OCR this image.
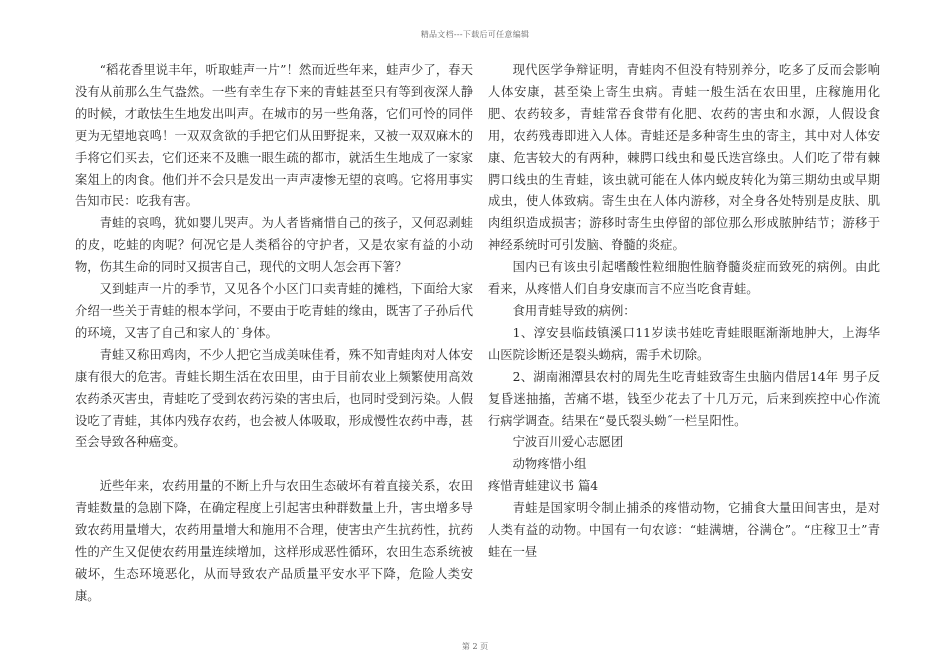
精品文档---下载后可任意编辑

“稻花香里说丰年，听取蛙声一片”！然而近些年来，蛙声少了，春天没有从前那么生气盎然。一些有幸生存下来的青蛙甚至只有等到夜深人静的时候，才敢怯生生地发出叫声。在城市的另一些角落，它们可怜的同伴更为无望地哀鸣！一双双贪欲的手把它们从田野捉来，又被一双双麻木的手将它们买去，它们还来不及瞧一眼生疏的都市，就活生生地成了一家家案俎上的肉食。他们并不会只是发出一声声凄惨无望的哀鸣。它将用事实告知市民：吃我有害。

青蛙的哀鸣，犹如婴儿哭声。为人者皆痛惜自己的孩子，又何忍剥蛙的皮，吃蛙的肉呢？何况它是人类稻谷的守护者，又是农家有益的小动物，伤其生命的同时又损害自己，现代的文明人怎会再下箸？

又到蛙声一片的季节，又见各个小区门口卖青蛙的摊档，下面给大家介绍一些关于青蛙的根本学问，不要由于吃青蛙的缘由，既害了子孙后代的环境，又害了自己和家人的˙身体。

青蛙又称田鸡肉，不少人把它当成美味佳肴，殊不知青蛙肉对人体安康有很大的危害。青蛙长期生活在农田里，由于目前农业上频繁使用高效农药杀灭害虫，青蛙吃了受到农药污染的害虫后，也同时受到污染。人假设吃了青蛙，其体内残存农药，也会被人体吸取，形成慢性农药中毒，甚至会导致各种癌变。

近些年来，农药用量的不断上升与农田生态破坏有着直接关系，农田青蛙数量的急剧下降，在确定程度上引起害虫种群数量上升，害虫增多导致农药用量增大，农药用量增大和施用不合理，使害虫产生抗药性，抗药性的产生又促使农药用量连续增加，这样形成恶性循环，农田生态系统被破坏，生态环境恶化，从而导致农产品质量平安水平下降，危险人类安康。

现代医学争辩证明，青蛙肉不但没有特别养分，吃多了反而会影响人体安康，甚至染上寄生虫病。青蛙一般生活在农田里，庄稼施用化肥、农药较多，青蛙常吞食带有化肥、农药的害虫和水源，人假设食用，农药残毒即进入人体。青蛙还是多种寄生虫的寄主，其中对人体安康、危害较大的有两种，棘腭口线虫和曼氏迭宫绦虫。人们吃了带有棘腭口线虫的生青蛙，该虫就可能在人体内蜕皮转化为第三期幼虫或早期成虫，使人体致病。寄生虫在人体内游移，对全身各处特别是皮肤、肌肉组织造成损害；游移时寄生虫停留的部位那么形成脓肿结节；游移于神经系统时可引发脑、脊髓的炎症。

国内已有该虫引起嗜酸性粒细胞性脑脊髓炎症而致死的病例。由此看来，从疼惜人们自身安康而言不应当吃食青蛙。

食用青蛙导致的病例：

1、淳安县临歧镇溪口11岁读书娃吃青蛙眼眶渐渐地肿大，上海华山医院诊断还是裂头蚴病，需手术切除。

2、湖南湘潭县农村的周先生吃青蛙致寄生虫脑内借居14年 男子反复昏迷抽搐，苦痛不堪，钱至少花去了十几万元，后来到疾控中心作流行病学调查。结果在“曼氏裂头蚴˝一栏呈阳性。

宁波百川爱心志愿团

动物疼惜小组

疼惜青蛙建议书 篇4

青蛙是国家明令制止捕杀的疼惜动物，它捕食大量田间害虫，是对人类有益的动物。中国有一句农谚：“蛙满塘，谷满仓”。“庄稼卫士”青蛙在一昼

第 2 页
